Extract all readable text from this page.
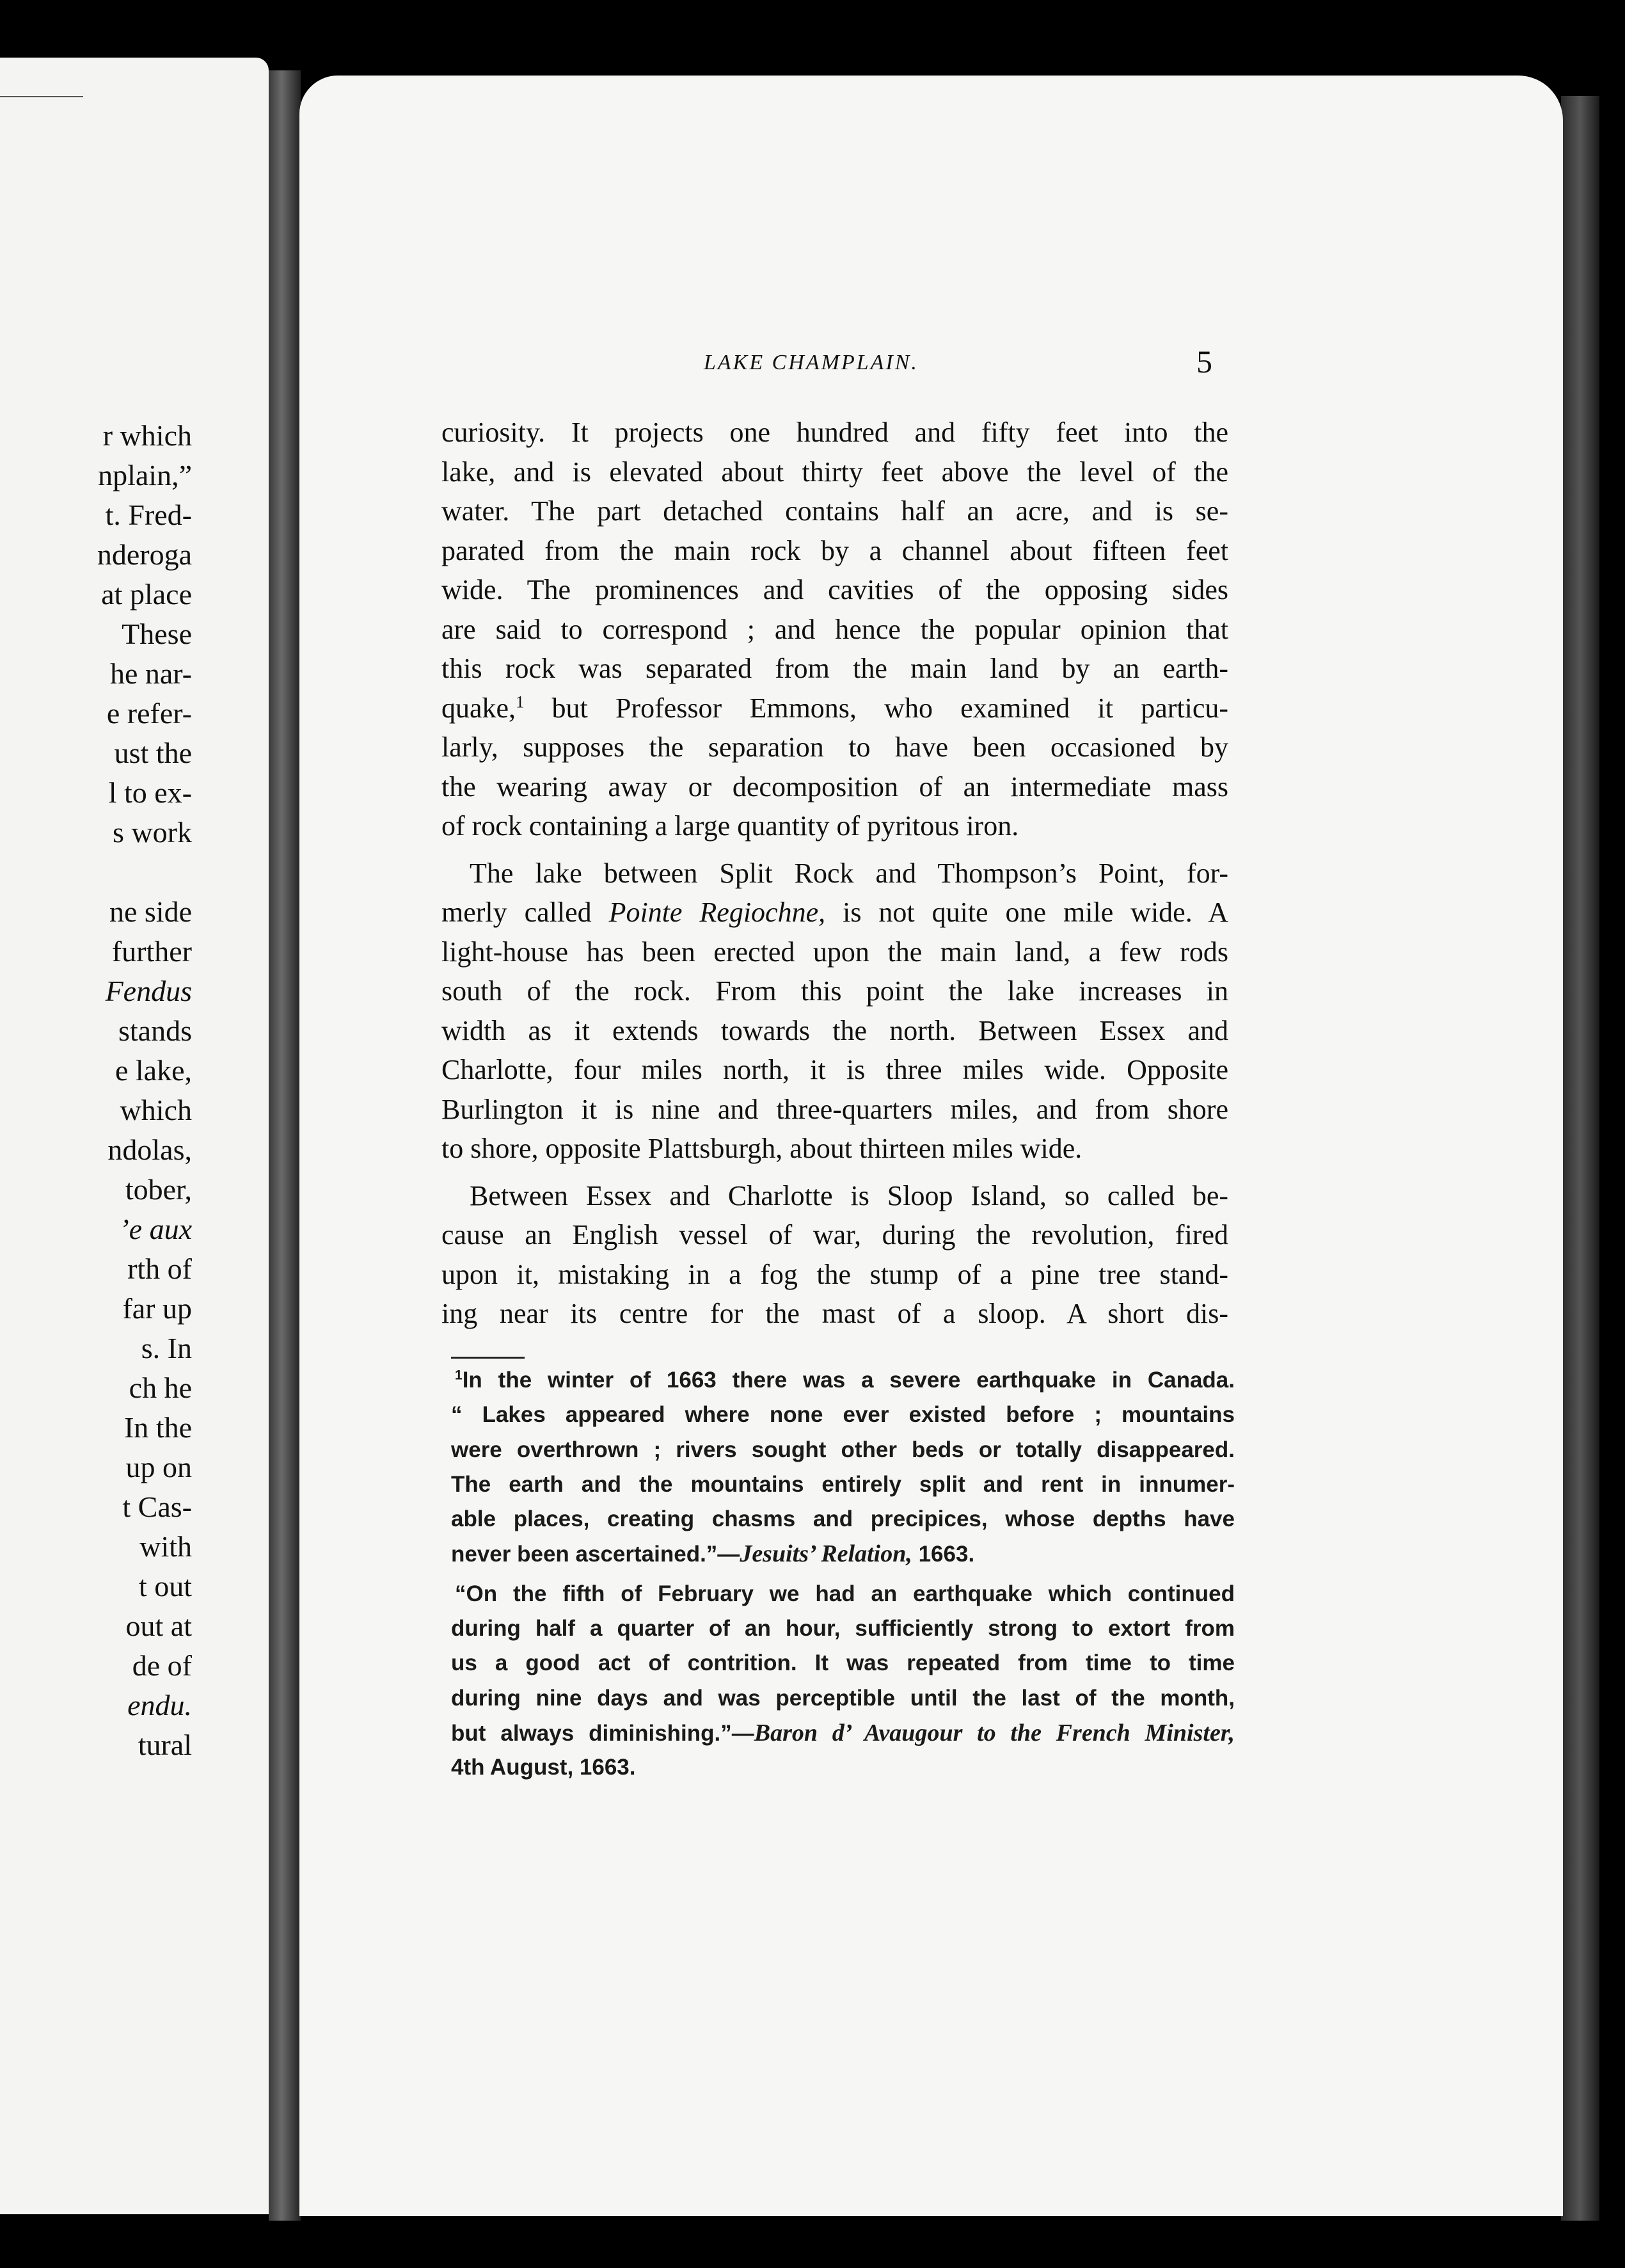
r which
nplain,”
t. Fred-
nderoga
at place
These
he nar-
e refer-
ust the
l to ex-
s work
ne side
further
Fendus
stands
e lake,
which
ndolas,
tober,
’e aux
rth of
far up
s. In
ch he
In the
up on
t Cas-
with
t out
out at
de of
endu.
tural
LAKE CHAMPLAIN.	5
curiosity. It projects one hundred and fifty feet into the
lake, and is elevated about thirty feet above the level of the
water. The part detached contains half an acre, and is se-
parated from the main rock by a channel about fifteen feet
wide. The prominences and cavities of the opposing sides
are said to correspond ; and hence the popular opinion that
this rock was separated from the main land by an earth-
quake,$^1$ but Professor Emmons, who examined it particu-
larly, supposes the separation to have been occasioned by
the wearing away or decomposition of an intermediate mass
of rock containing a large quantity of pyritous iron.
The lake between Split Rock and Thompson’s Point, for-
merly called Pointe Regiochne, is not quite one mile wide. A
light-house has been erected upon the main land, a few rods
south of the rock. From this point the lake increases in
width as it extends towards the north. Between Essex and
Charlotte, four miles north, it is three miles wide. Opposite
Burlington it is nine and three-quarters miles, and from shore
to shore, opposite Plattsburgh, about thirteen miles wide.
Between Essex and Charlotte is Sloop Island, so called be-
cause an English vessel of war, during the revolution, fired
upon it, mistaking in a fog the stump of a pine tree stand-
ing near its centre for the mast of a sloop. A short dis-
$^1$In the winter of 1663 there was a severe earthquake in Canada.
“ Lakes appeared where none ever existed before ; mountains
were overthrown ; rivers sought other beds or totally disappeared.
The earth and the mountains entirely split and rent in innumer-
able places, creating chasms and precipices, whose depths have
never been ascertained.”—Jesuits’ Relation, 1663.
“On the fifth of February we had an earthquake which continued
during half a quarter of an hour, sufficiently strong to extort from
us a good act of contrition. It was repeated from time to time
during nine days and was perceptible until the last of the month,
but always diminishing.”—Baron d’ Avaugour to the French Minister,
4th August, 1663.
